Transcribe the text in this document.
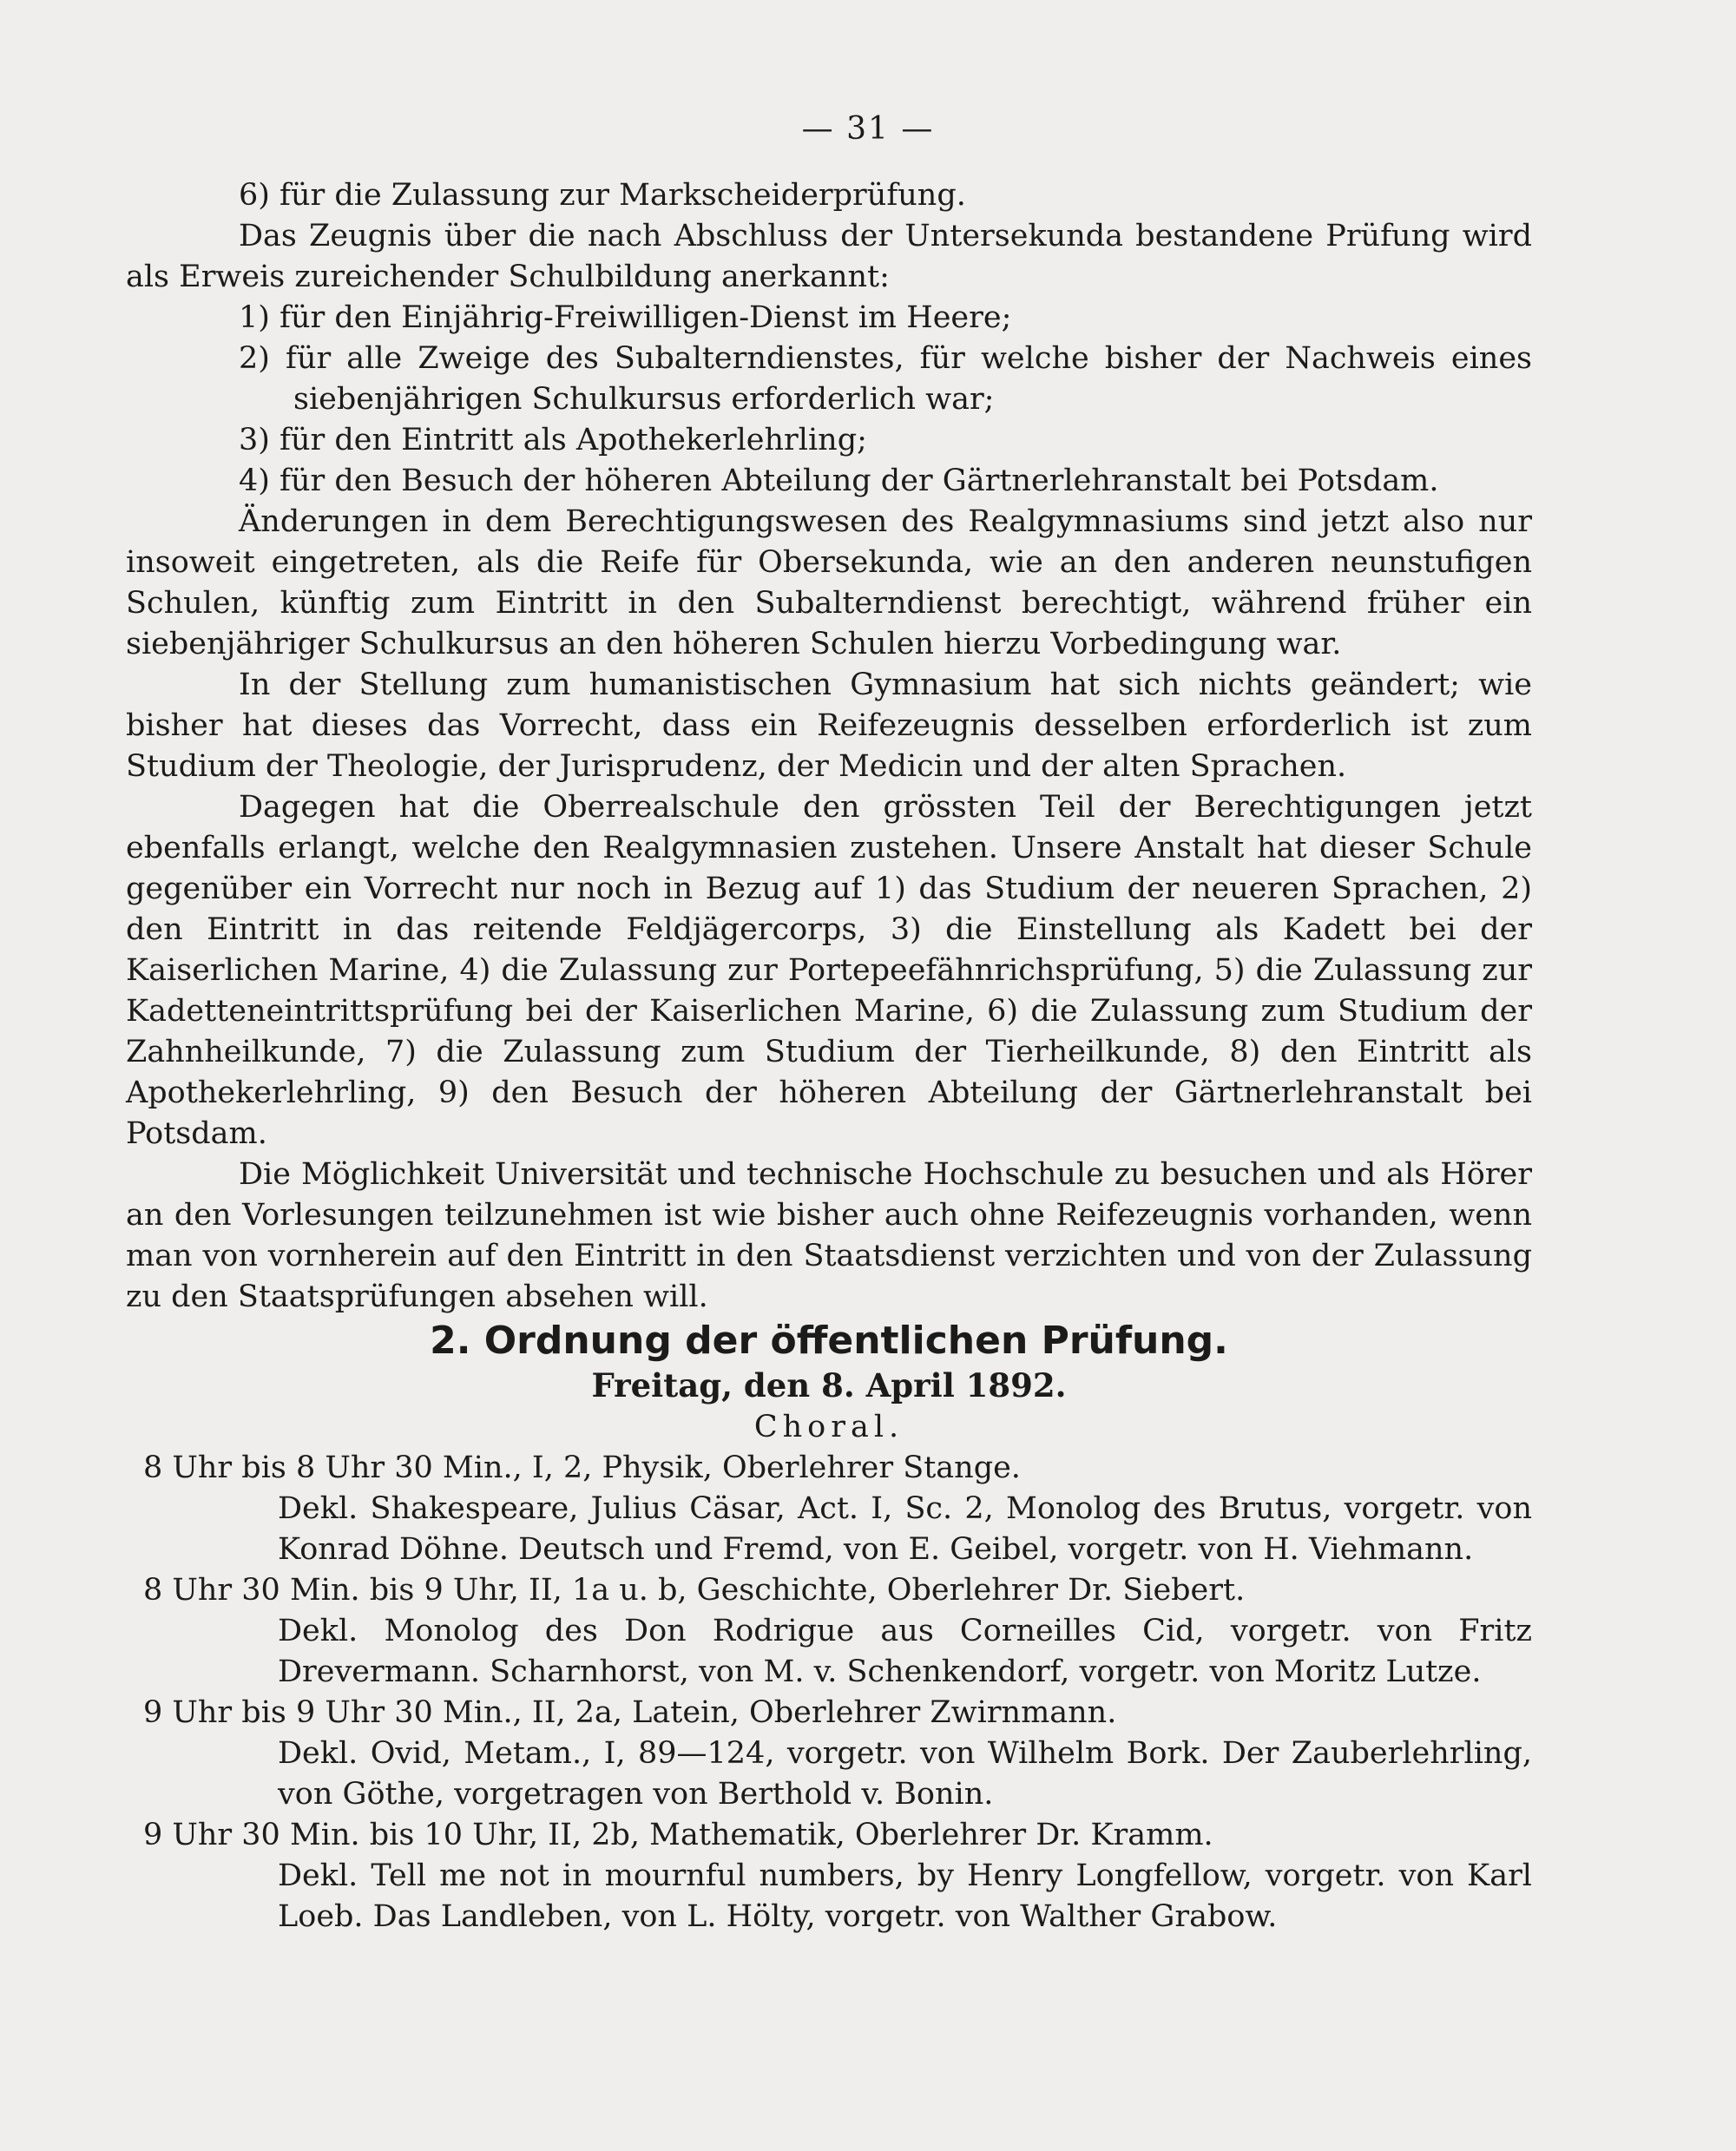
— 31 —

6) für die Zulassung zur Markscheiderprüfung.

Das Zeugnis über die nach Abschluss der Untersekunda bestandene Prüfung wird als Erweis zureichender Schulbildung anerkannt:

1) für den Einjährig-Freiwilligen-Dienst im Heere;

2) für alle Zweige des Subalterndienstes, für welche bisher der Nachweis eines siebenjährigen Schulkursus erforderlich war;

3) für den Eintritt als Apothekerlehrling;

4) für den Besuch der höheren Abteilung der Gärtnerlehranstalt bei Potsdam.

Änderungen in dem Berechtigungswesen des Realgymnasiums sind jetzt also nur insoweit eingetreten, als die Reife für Obersekunda, wie an den anderen neunstufigen Schulen, künftig zum Eintritt in den Subalterndienst berechtigt, während früher ein siebenjähriger Schulkursus an den höheren Schulen hierzu Vorbedingung war.

In der Stellung zum humanistischen Gymnasium hat sich nichts geändert; wie bisher hat dieses das Vorrecht, dass ein Reifezeugnis desselben erforderlich ist zum Studium der Theologie, der Jurisprudenz, der Medicin und der alten Sprachen.

Dagegen hat die Oberrealschule den grössten Teil der Berechtigungen jetzt ebenfalls erlangt, welche den Realgymnasien zustehen. Unsere Anstalt hat dieser Schule gegenüber ein Vorrecht nur noch in Bezug auf 1) das Studium der neueren Sprachen, 2) den Eintritt in das reitende Feldjägercorps, 3) die Einstellung als Kadett bei der Kaiserlichen Marine, 4) die Zulassung zur Portepeefähnrichsprüfung, 5) die Zulassung zur Kadetteneintrittsprüfung bei der Kaiserlichen Marine, 6) die Zulassung zum Studium der Zahnheilkunde, 7) die Zulassung zum Studium der Tierheilkunde, 8) den Eintritt als Apothekerlehrling, 9) den Besuch der höheren Abteilung der Gärtnerlehranstalt bei Potsdam.

Die Möglichkeit Universität und technische Hochschule zu besuchen und als Hörer an den Vorlesungen teilzunehmen ist wie bisher auch ohne Reifezeugnis vorhanden, wenn man von vornherein auf den Eintritt in den Staatsdienst verzichten und von der Zulassung zu den Staatsprüfungen absehen will.

2. Ordnung der öffentlichen Prüfung.

Freitag, den 8. April 1892.

Choral.

8 Uhr bis 8 Uhr 30 Min., I, 2, Physik, Oberlehrer Stange.

Dekl. Shakespeare, Julius Cäsar, Act. I, Sc. 2, Monolog des Brutus, vorgetr. von Konrad Döhne. Deutsch und Fremd, von E. Geibel, vorgetr. von H. Viehmann.

8 Uhr 30 Min. bis 9 Uhr, II, 1a u. b, Geschichte, Oberlehrer Dr. Siebert.

Dekl. Monolog des Don Rodrigue aus Corneilles Cid, vorgetr. von Fritz Drevermann. Scharnhorst, von M. v. Schenkendorf, vorgetr. von Moritz Lutze.

9 Uhr bis 9 Uhr 30 Min., II, 2a, Latein, Oberlehrer Zwirnmann.

Dekl. Ovid, Metam., I, 89—124, vorgetr. von Wilhelm Bork. Der Zauberlehrling, von Göthe, vorgetragen von Berthold v. Bonin.

9 Uhr 30 Min. bis 10 Uhr, II, 2b, Mathematik, Oberlehrer Dr. Kramm.

Dekl. Tell me not in mournful numbers, by Henry Longfellow, vorgetr. von Karl Loeb. Das Landleben, von L. Hölty, vorgetr. von Walther Grabow.
